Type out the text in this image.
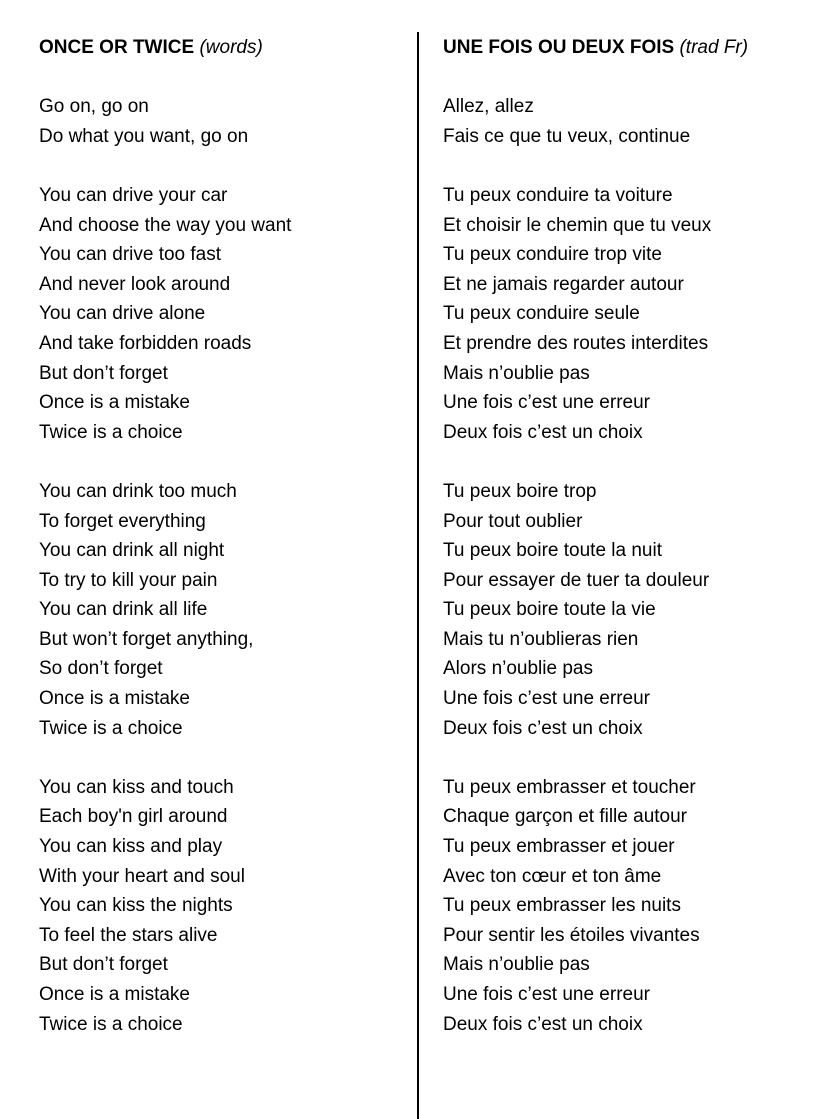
ONCE OR TWICE (words)
Go on, go on
Do what you want, go on
You can drive your car
And choose the way you want
You can drive too fast
And never look around
You can drive alone
And take forbidden roads
But don’t forget
Once is a mistake
Twice is a choice
You can drink too much
To forget everything
You can drink all night
To try to kill your pain
You can drink all life
But won’t forget anything,
So don’t forget
Once is a mistake
Twice is a choice
You can kiss and touch
Each boy'n girl around
You can kiss and play
With your heart and soul
You can kiss the nights
To feel the stars alive
But don’t forget
Once is a mistake
Twice is a choice
UNE FOIS OU DEUX FOIS (trad Fr)
Allez, allez
Fais ce que tu veux, continue
Tu peux conduire ta voiture
Et choisir le chemin que tu veux
Tu peux conduire trop vite
Et ne jamais regarder autour
Tu peux conduire seule
Et prendre des routes interdites
Mais n’oublie pas
Une fois c’est une erreur
Deux fois c’est un choix
Tu peux boire trop
Pour tout oublier
Tu peux boire toute la nuit
Pour essayer de tuer ta douleur
Tu peux boire toute la vie
Mais tu n’oublieras rien
Alors n’oublie pas
Une fois c’est une erreur
Deux fois c’est un choix
Tu peux embrasser et toucher
Chaque garçon et fille autour
Tu peux embrasser et jouer
Avec ton cœur et ton âme
Tu peux embrasser les nuits
Pour sentir les étoiles vivantes
Mais n’oublie pas
Une fois c’est une erreur
Deux fois c’est un choix
